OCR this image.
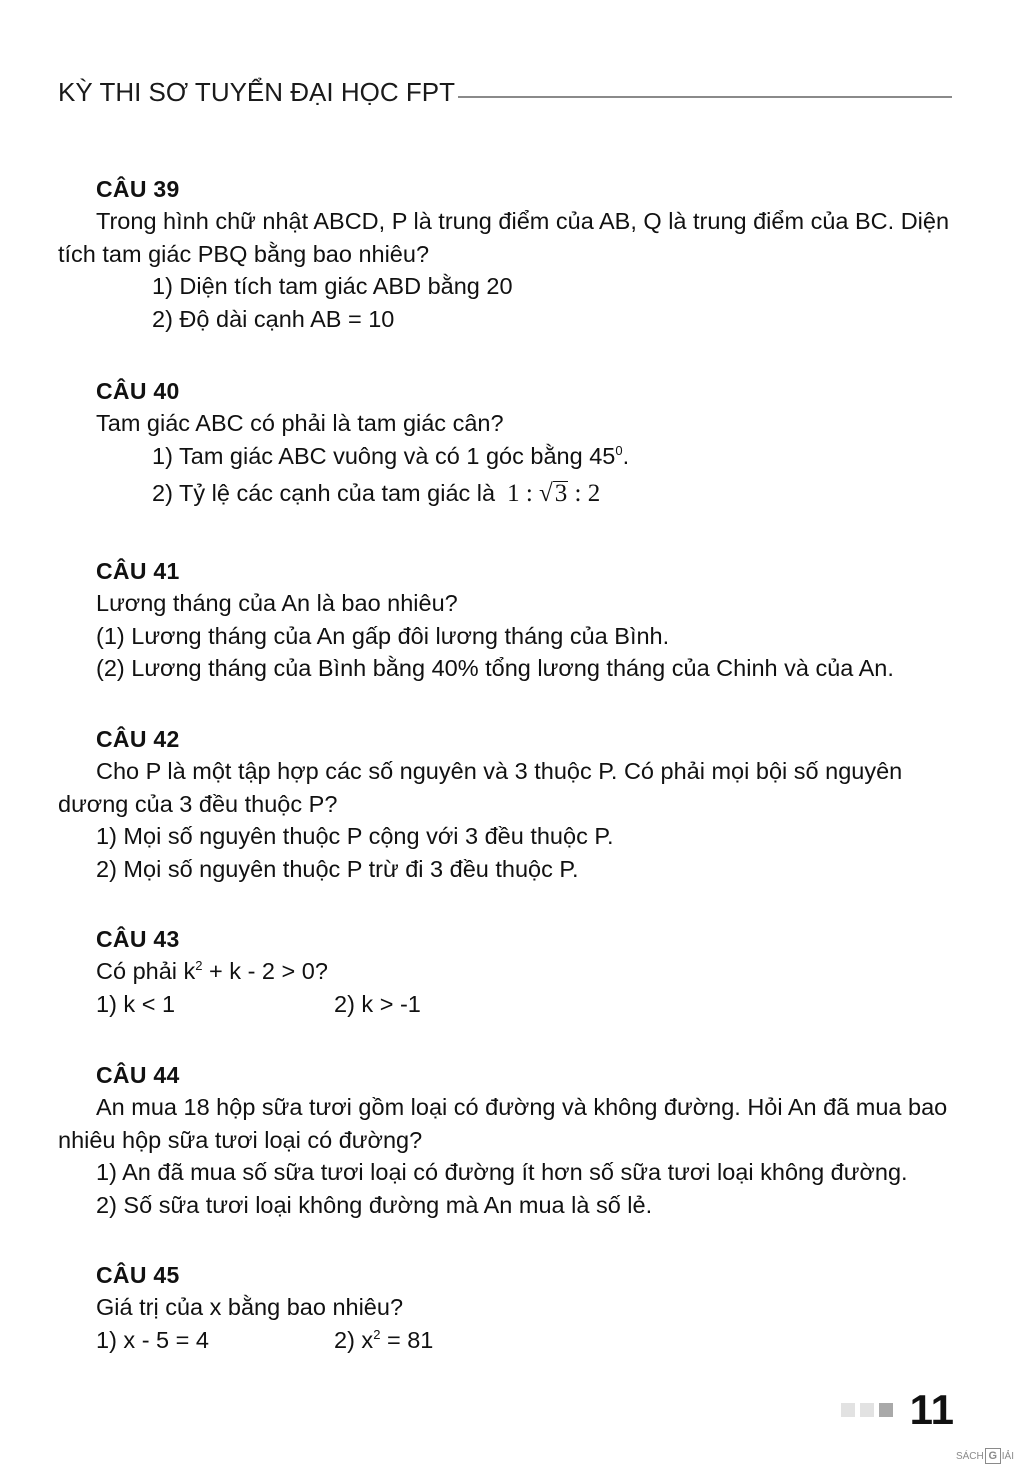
KỲ THI SƠ TUYỂN ĐẠI HỌC FPT
CÂU 39
Trong hình chữ nhật ABCD, P là trung điểm của AB, Q là trung điểm của BC. Diện tích tam giác PBQ bằng bao nhiêu?
1) Diện tích tam giác ABD bằng 20
2) Độ dài cạnh AB = 10
CÂU 40
Tam giác ABC có phải là tam giác cân?
1) Tam giác ABC vuông và có 1 góc bằng $45^0$.
2) Tỷ lệ các cạnh của tam giác là 1 : √3 : 2
CÂU 41
Lương tháng của An là bao nhiêu?
(1) Lương tháng của An gấp đôi lương tháng của Bình.
(2) Lương tháng của Bình bằng 40% tổng lương tháng của Chinh và của An.
CÂU 42
Cho P là một tập hợp các số nguyên và 3 thuộc P. Có phải mọi bội số nguyên dương của 3 đều thuộc P?
1) Mọi số nguyên thuộc P cộng với 3 đều thuộc P.
2) Mọi số nguyên thuộc P trừ đi 3 đều thuộc P.
CÂU 43
Có phải $k^2 + k - 2 > 0$?
1) k < 1	2) k > -1
CÂU 44
An mua 18 hộp sữa tươi gồm loại có đường và không đường. Hỏi An đã mua bao nhiêu hộp sữa tươi loại có đường?
1) An đã mua số sữa tươi loại có đường ít hơn số sữa tươi loại không đường.
2) Số sữa tươi loại không đường mà An mua là số lẻ.
CÂU 45
Giá trị của x bằng bao nhiêu?
1) x - 5 = 4	2) $x^2 = 81$
11
SÁCH G IẢI
